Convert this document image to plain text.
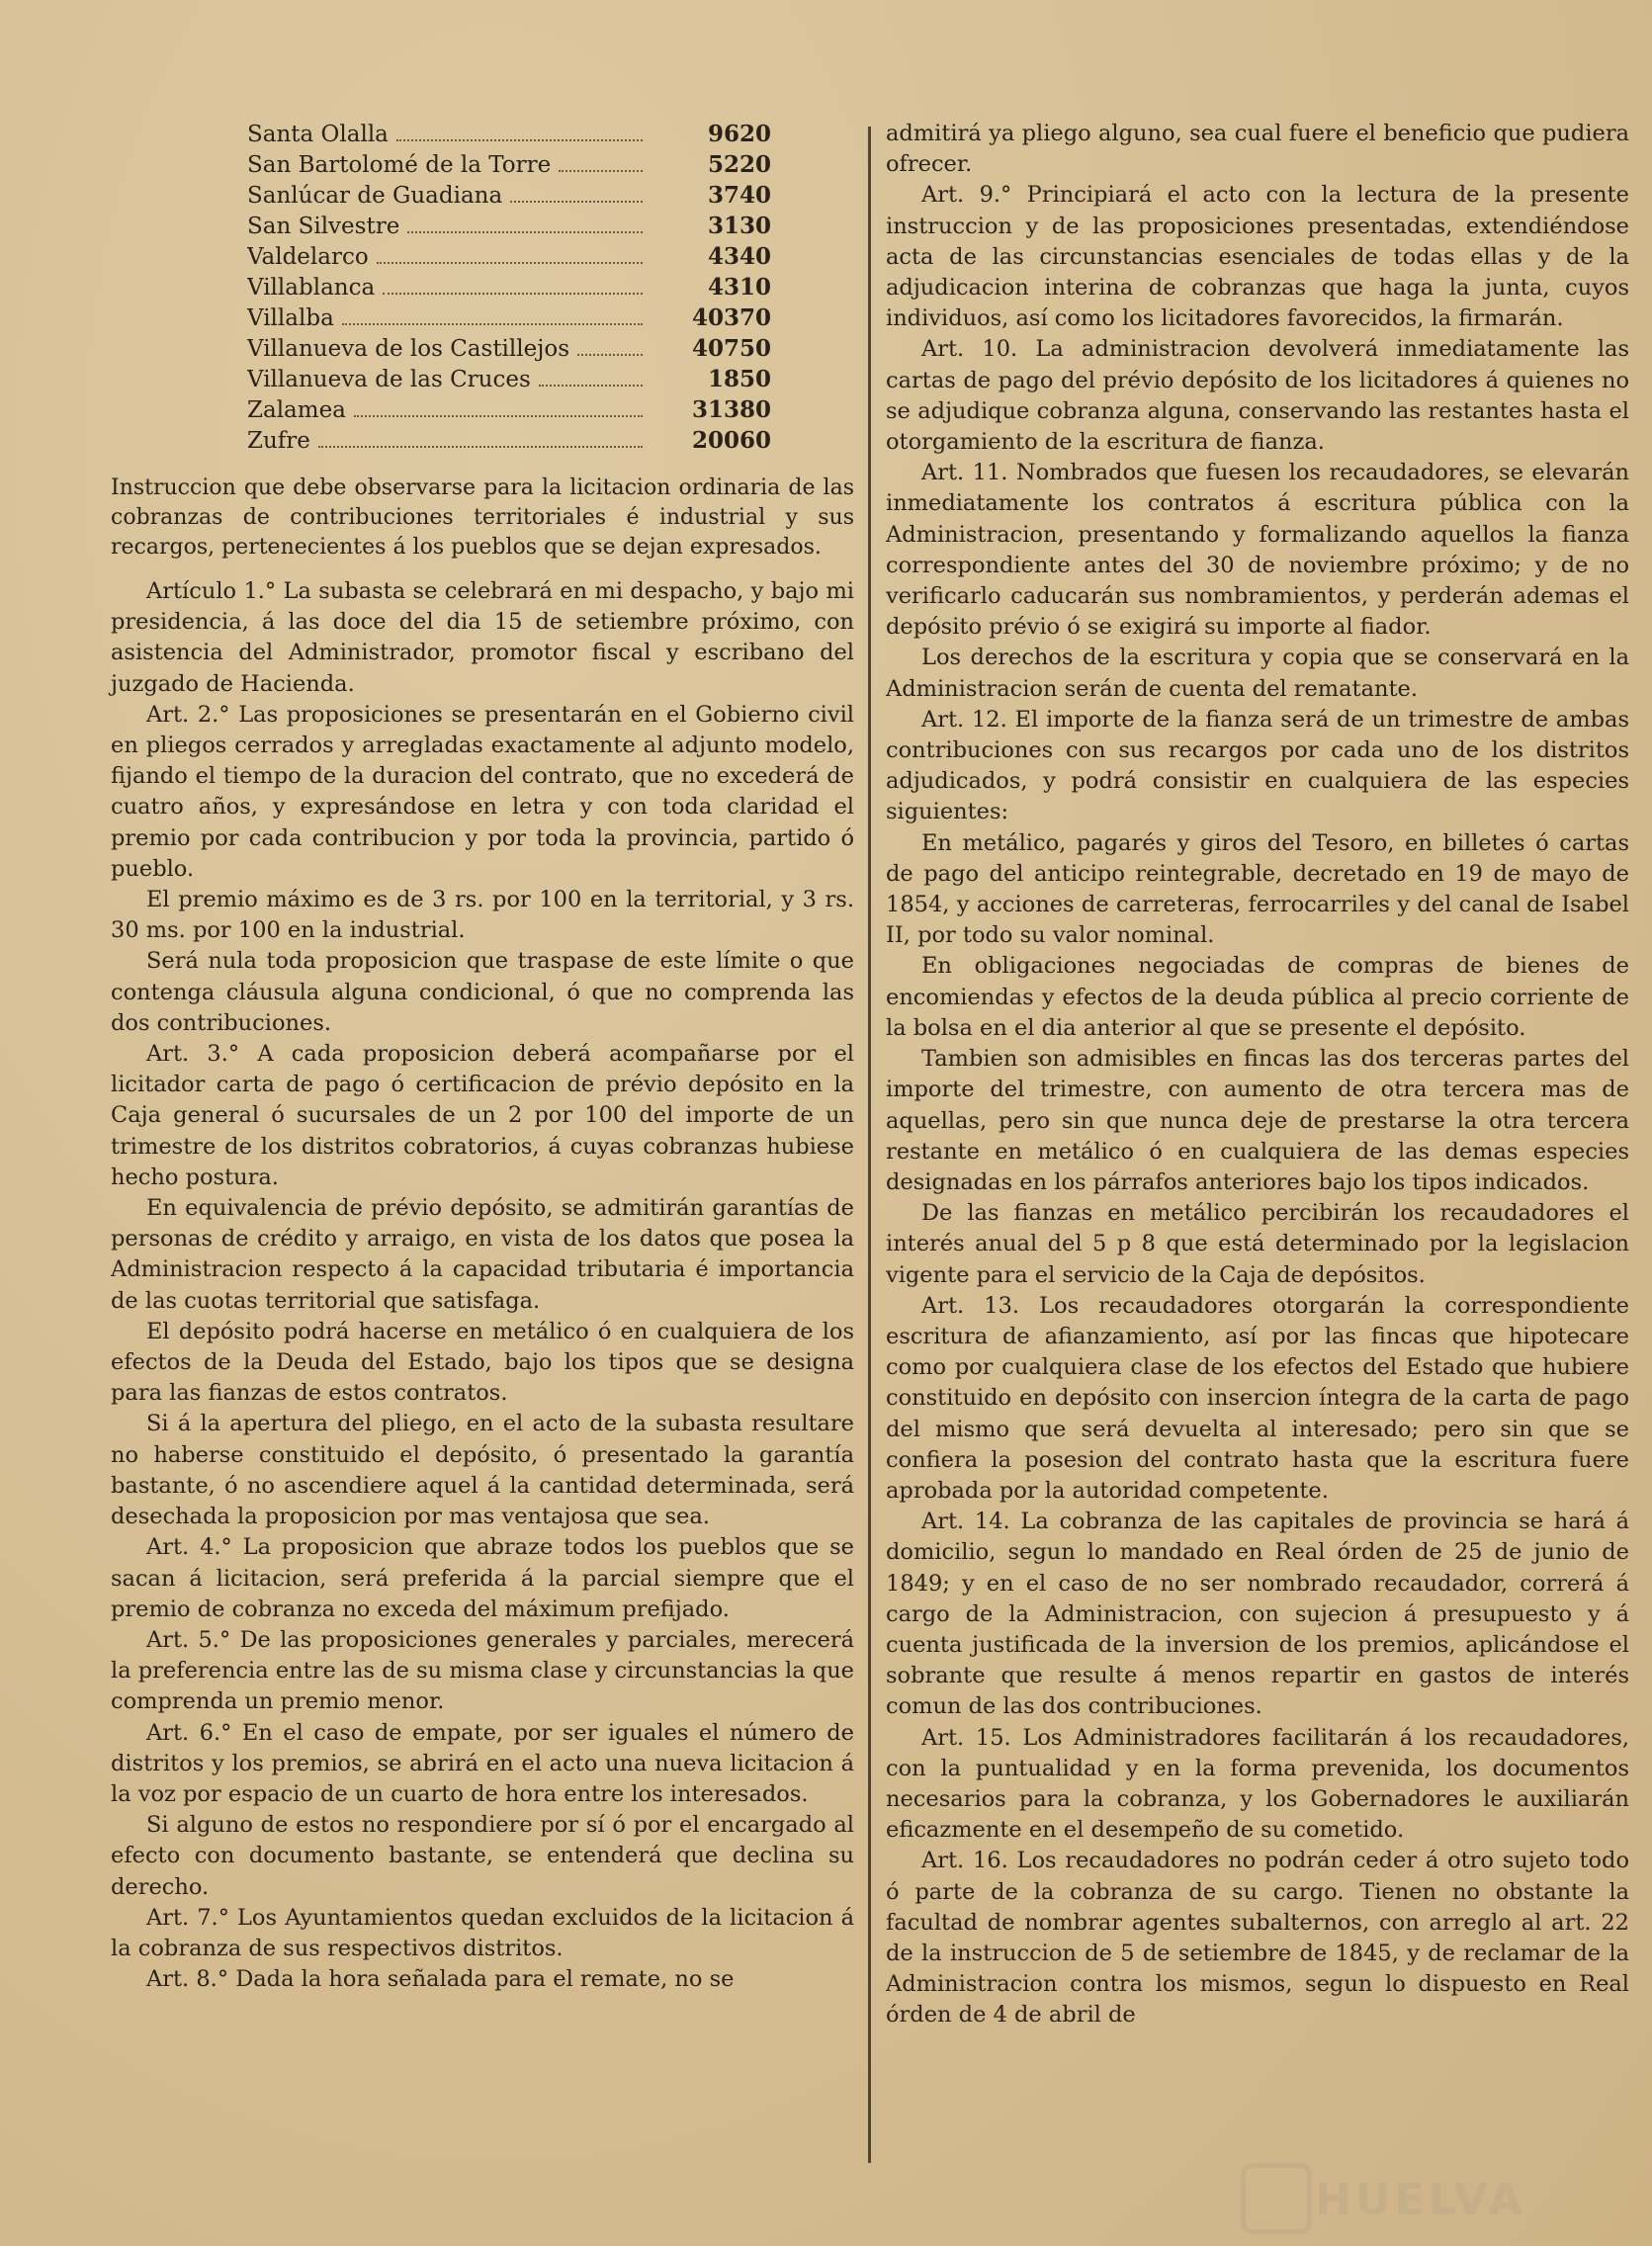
Santa Olalla	9620
San Bartolomé de la Torre	5220
Sanlúcar de Guadiana	3740
San Silvestre	3130
Valdelarco	4340
Villablanca	4310
Villalba	40370
Villanueva de los Castillejos	40750
Villanueva de las Cruces	1850
Zalamea	31380
Zufre	20060
Instruccion que debe observarse para la licitacion ordinaria de las cobranzas de contribuciones territoriales é industrial y sus recargos, pertenecientes á los pueblos que se dejan expresados.

Artículo 1.° La subasta se celebrará en mi despacho, y bajo mi presidencia, á las doce del dia 15 de setiembre próximo, con asistencia del Administrador, promotor fiscal y escribano del juzgado de Hacienda.

Art. 2.° Las proposiciones se presentarán en el Gobierno civil en pliegos cerrados y arregladas exactamente al adjunto modelo, fijando el tiempo de la duracion del contrato, que no excederá de cuatro años, y expresándose en letra y con toda claridad el premio por cada contribucion y por toda la provincia, partido ó pueblo.

El premio máximo es de 3 rs. por 100 en la territorial, y 3 rs. 30 ms. por 100 en la industrial.

Será nula toda proposicion que traspase de este límite o que contenga cláusula alguna condicional, ó que no comprenda las dos contribuciones.

Art. 3.° A cada proposicion deberá acompañarse por el licitador carta de pago ó certificacion de prévio depósito en la Caja general ó sucursales de un 2 por 100 del importe de un trimestre de los distritos cobratorios, á cuyas cobranzas hubiese hecho postura.

En equivalencia de prévio depósito, se admitirán garantías de personas de crédito y arraigo, en vista de los datos que posea la Administracion respecto á la capacidad tributaria é importancia de las cuotas territorial que satisfaga.

El depósito podrá hacerse en metálico ó en cualquiera de los efectos de la Deuda del Estado, bajo los tipos que se designa para las fianzas de estos contratos.

Si á la apertura del pliego, en el acto de la subasta resultare no haberse constituido el depósito, ó presentado la garantía bastante, ó no ascendiere aquel á la cantidad determinada, será desechada la proposicion por mas ventajosa que sea.

Art. 4.° La proposicion que abraze todos los pueblos que se sacan á licitacion, será preferida á la parcial siempre que el premio de cobranza no exceda del máximum prefijado.

Art. 5.° De las proposiciones generales y parciales, merecerá la preferencia entre las de su misma clase y circunstancias la que comprenda un premio menor.

Art. 6.° En el caso de empate, por ser iguales el número de distritos y los premios, se abrirá en el acto una nueva licitacion á la voz por espacio de un cuarto de hora entre los interesados.

Si alguno de estos no respondiere por sí ó por el encargado al efecto con documento bastante, se entenderá que declina su derecho.

Art. 7.° Los Ayuntamientos quedan excluidos de la licitacion á la cobranza de sus respectivos distritos.

Art. 8.° Dada la hora señalada para el remate, no se

admitirá ya pliego alguno, sea cual fuere el beneficio que pudiera ofrecer.

Art. 9.° Principiará el acto con la lectura de la presente instruccion y de las proposiciones presentadas, extendiéndose acta de las circunstancias esenciales de todas ellas y de la adjudicacion interina de cobranzas que haga la junta, cuyos individuos, así como los licitadores favorecidos, la firmarán.

Art. 10. La administracion devolverá inmediatamente las cartas de pago del prévio depósito de los licitadores á quienes no se adjudique cobranza alguna, conservando las restantes hasta el otorgamiento de la escritura de fianza.

Art. 11. Nombrados que fuesen los recaudadores, se elevarán inmediatamente los contratos á escritura pública con la Administracion, presentando y formalizando aquellos la fianza correspondiente antes del 30 de noviembre próximo; y de no verificarlo caducarán sus nombramientos, y perderán ademas el depósito prévio ó se exigirá su importe al fiador.

Los derechos de la escritura y copia que se conservará en la Administracion serán de cuenta del rematante.

Art. 12. El importe de la fianza será de un trimestre de ambas contribuciones con sus recargos por cada uno de los distritos adjudicados, y podrá consistir en cualquiera de las especies siguientes:

En metálico, pagarés y giros del Tesoro, en billetes ó cartas de pago del anticipo reintegrable, decretado en 19 de mayo de 1854, y acciones de carreteras, ferrocarriles y del canal de Isabel II, por todo su valor nominal.

En obligaciones negociadas de compras de bienes de encomiendas y efectos de la deuda pública al precio corriente de la bolsa en el dia anterior al que se presente el depósito.

Tambien son admisibles en fincas las dos terceras partes del importe del trimestre, con aumento de otra tercera mas de aquellas, pero sin que nunca deje de prestarse la otra tercera restante en metálico ó en cualquiera de las demas especies designadas en los párrafos anteriores bajo los tipos indicados.

De las fianzas en metálico percibirán los recaudadores el interés anual del 5 p 8 que está determinado por la legislacion vigente para el servicio de la Caja de depósitos.

Art. 13. Los recaudadores otorgarán la correspondiente escritura de afianzamiento, así por las fincas que hipotecare como por cualquiera clase de los efectos del Estado que hubiere constituido en depósito con insercion íntegra de la carta de pago del mismo que será devuelta al interesado; pero sin que se confiera la posesion del contrato hasta que la escritura fuere aprobada por la autoridad competente.

Art. 14. La cobranza de las capitales de provincia se hará á domicilio, segun lo mandado en Real órden de 25 de junio de 1849; y en el caso de no ser nombrado recaudador, correrá á cargo de la Administracion, con sujecion á presupuesto y á cuenta justificada de la inversion de los premios, aplicándose el sobrante que resulte á menos repartir en gastos de interés comun de las dos contribuciones.

Art. 15. Los Administradores facilitarán á los recaudadores, con la puntualidad y en la forma prevenida, los documentos necesarios para la cobranza, y los Gobernadores le auxiliarán eficazmente en el desempeño de su cometido.

Art. 16. Los recaudadores no podrán ceder á otro sujeto todo ó parte de la cobranza de su cargo. Tienen no obstante la facultad de nombrar agentes subalternos, con arreglo al art. 22 de la instruccion de 5 de setiembre de 1845, y de reclamar de la Administracion contra los mismos, segun lo dispuesto en Real órden de 4 de abril de

HUELVA
